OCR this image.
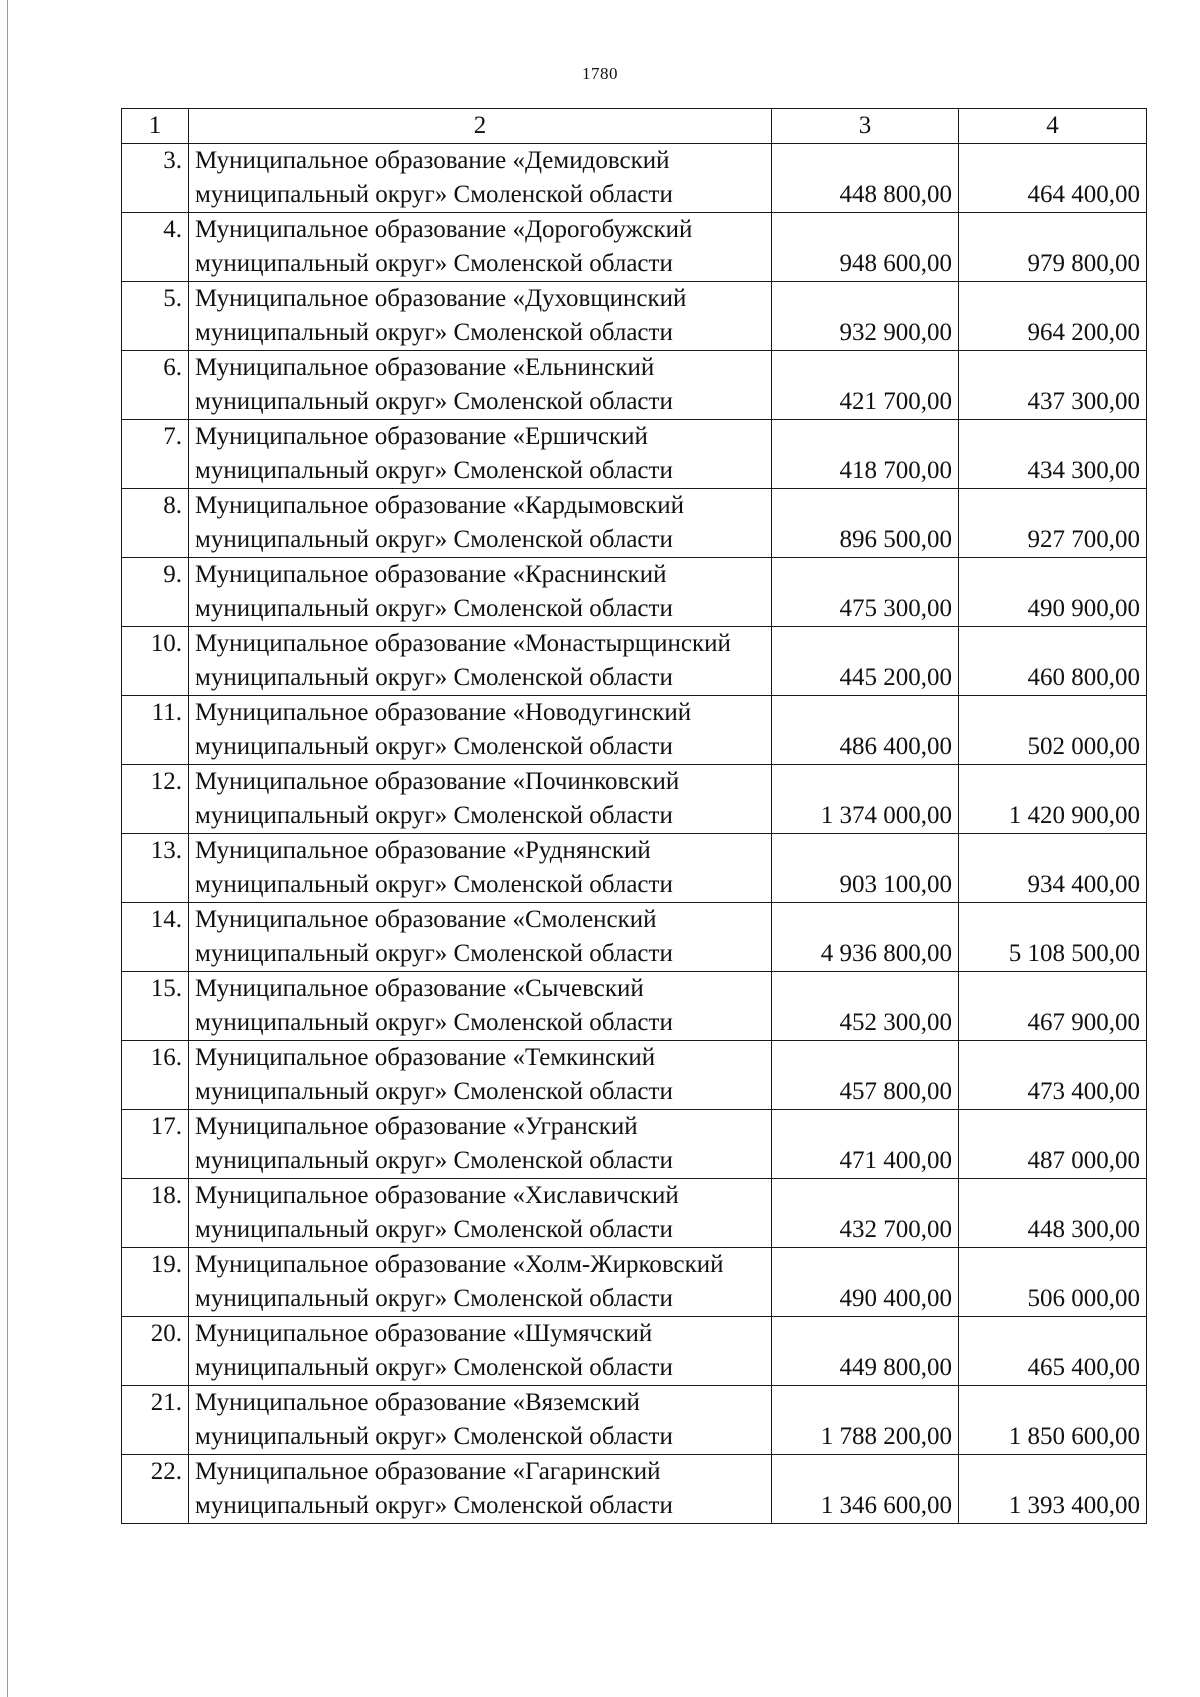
1780
1	2	3	4
3.	Муниципальное образование «Демидовский муниципальный округ» Смоленской области	448 800,00	464 400,00
4.	Муниципальное образование «Дорогобужский муниципальный округ» Смоленской области	948 600,00	979 800,00
5.	Муниципальное образование «Духовщинский муниципальный округ» Смоленской области	932 900,00	964 200,00
6.	Муниципальное образование «Ельнинский муниципальный округ» Смоленской области	421 700,00	437 300,00
7.	Муниципальное образование «Ершичский муниципальный округ» Смоленской области	418 700,00	434 300,00
8.	Муниципальное образование «Кардымовский муниципальный округ» Смоленской области	896 500,00	927 700,00
9.	Муниципальное образование «Краснинский муниципальный округ» Смоленской области	475 300,00	490 900,00
10.	Муниципальное образование «Монастырщинский муниципальный округ» Смоленской области	445 200,00	460 800,00
11.	Муниципальное образование «Новодугинский муниципальный округ» Смоленской области	486 400,00	502 000,00
12.	Муниципальное образование «Починковский муниципальный округ» Смоленской области	1 374 000,00	1 420 900,00
13.	Муниципальное образование «Руднянский муниципальный округ» Смоленской области	903 100,00	934 400,00
14.	Муниципальное образование «Смоленский муниципальный округ» Смоленской области	4 936 800,00	5 108 500,00
15.	Муниципальное образование «Сычевский муниципальный округ» Смоленской области	452 300,00	467 900,00
16.	Муниципальное образование «Темкинский муниципальный округ» Смоленской области	457 800,00	473 400,00
17.	Муниципальное образование «Угранский муниципальный округ» Смоленской области	471 400,00	487 000,00
18.	Муниципальное образование «Хиславичский муниципальный округ» Смоленской области	432 700,00	448 300,00
19.	Муниципальное образование «Холм-Жирковский муниципальный округ» Смоленской области	490 400,00	506 000,00
20.	Муниципальное образование «Шумячский муниципальный округ» Смоленской области	449 800,00	465 400,00
21.	Муниципальное образование «Вяземский муниципальный округ» Смоленской области	1 788 200,00	1 850 600,00
22.	Муниципальное образование «Гагаринский муниципальный округ» Смоленской области	1 346 600,00	1 393 400,00
